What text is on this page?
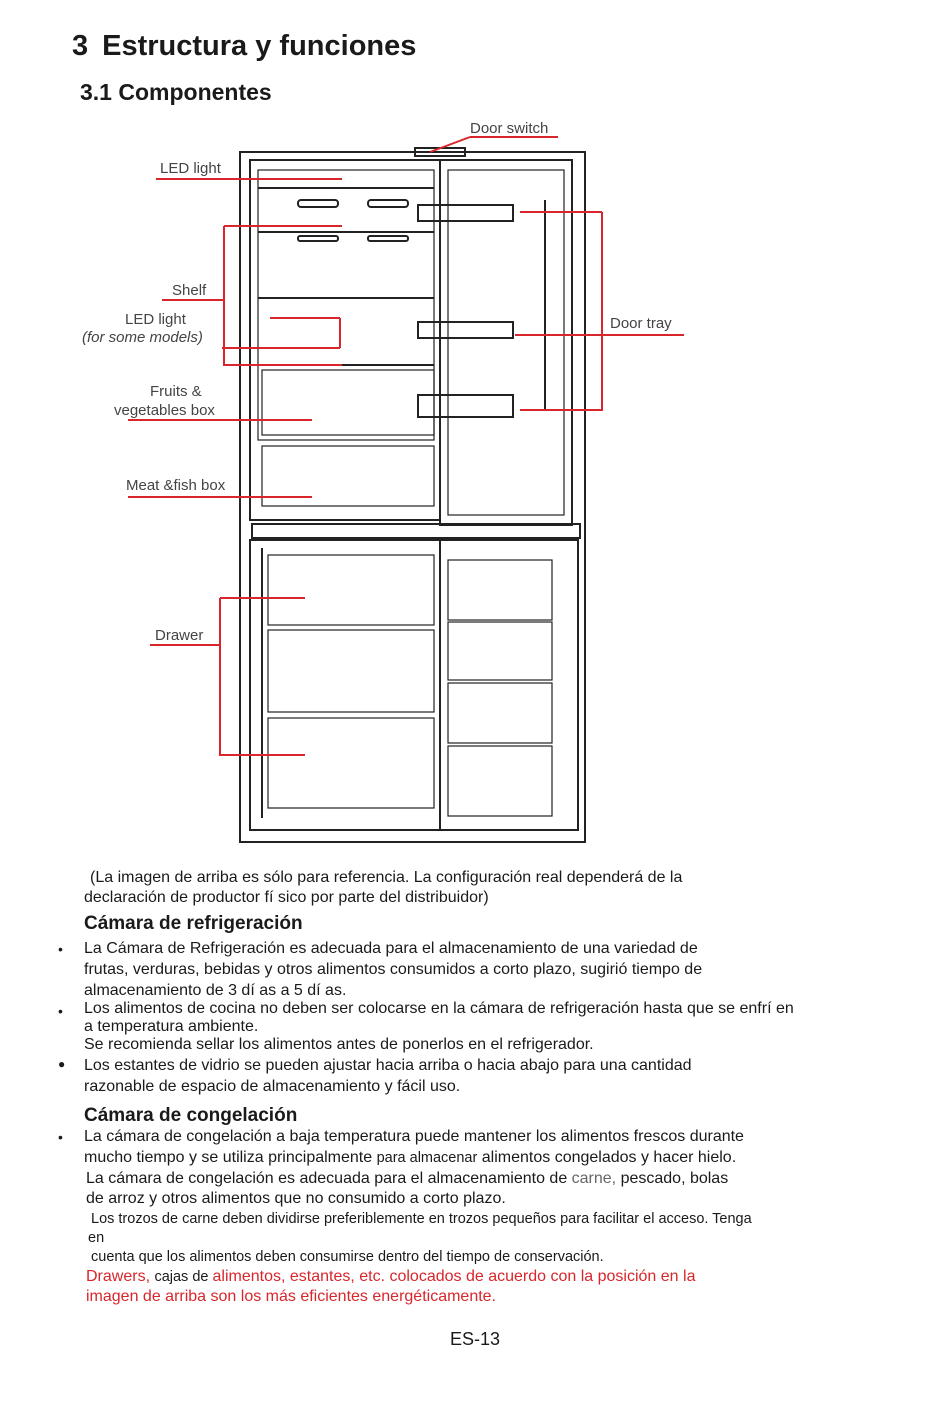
3 Estructura y funciones
3.1 Componentes
Door switch
LED light
Shelf
LED light
(for some models)
Fruits &
vegetables box
Meat &fish box
Drawer
Door tray
(La imagen de arriba es sólo para referencia. La configuración real dependerá de la
declaración de productor fí sico por parte del distribuidor)
Cámara de refrigeración
• La Cámara de Refrigeración es adecuada para el almacenamiento de una variedad de
frutas, verduras, bebidas y otros alimentos consumidos a corto plazo, sugirió tiempo de
almacenamiento de 3 dí as a 5 dí as.
• Los alimentos de cocina no deben ser colocarse en la cámara de refrigeración hasta que se enfrí en
a temperatura ambiente.
Se recomienda sellar los alimentos antes de ponerlos en el refrigerador.
● Los estantes de vidrio se pueden ajustar hacia arriba o hacia abajo para una cantidad
razonable de espacio de almacenamiento y fácil uso.
Cámara de congelación
• La cámara de congelación a baja temperatura puede mantener los alimentos frescos durante
mucho tiempo y se utiliza principalmente para almacenar alimentos congelados y hacer hielo.
La cámara de congelación es adecuada para el almacenamiento de carne, pescado, bolas
de arroz y otros alimentos que no consumido a corto plazo.
Los trozos de carne deben dividirse preferiblemente en trozos pequeños para facilitar el acceso. Tenga
en
cuenta que los alimentos deben consumirse dentro del tiempo de conservación.
Drawers, cajas de alimentos, estantes, etc. colocados de acuerdo con la posición en la
imagen de arriba son los más eficientes energéticamente.
ES-13
